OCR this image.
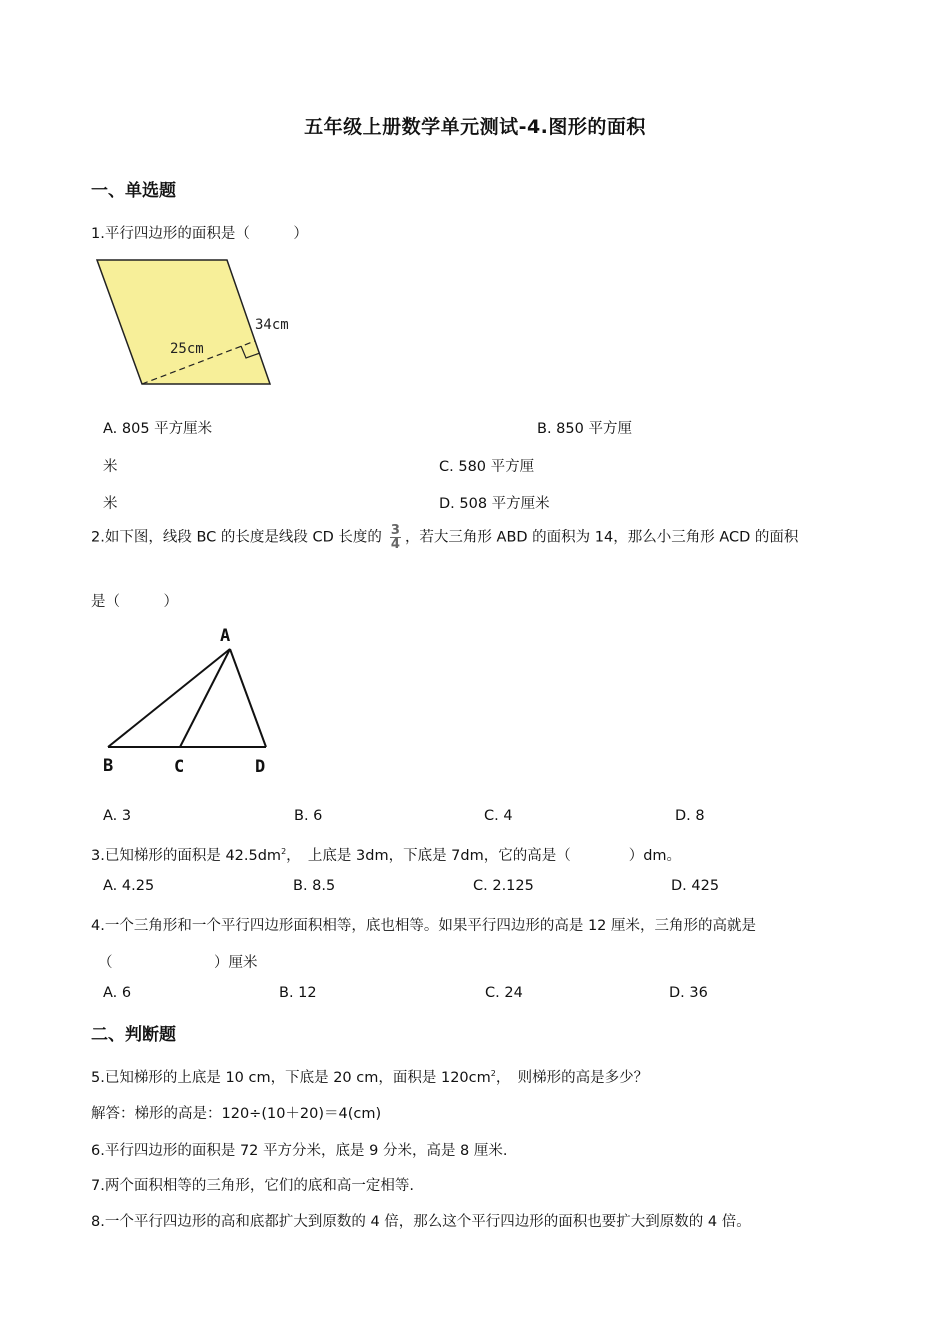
五年级上册数学单元测试-4.图形的面积
一、单选题
1.平行四边形的面积是（　　　）
34cm
25cm
A. 805 平方厘米	B. 850 平方厘
米	C. 580 平方厘
米	D. 508 平方厘米
2.如下图，线段 BC 的长度是线段 CD 长度的 $\frac{3}{4}$ ，若大三角形 ABD 的面积为 14，那么小三角形 ACD 的面积
是（　　　）
A
B	C	D
A. 3	B. 6	C. 4	D. 8
3.已知梯形的面积是 $42.5dm^2$，　上底是 3dm，下底是 7dm，它的高是（　　　　）dm。
A. 4.25	B. 8.5	C. 2.125	D. 425
4.一个三角形和一个平行四边形面积相等，底也相等。如果平行四边形的高是 12 厘米，三角形的高就是
（　　　　　　　）厘米
A. 6	B. 12	C. 24	D. 36
二、判断题
5.已知梯形的上底是 10 cm，下底是 20 cm，面积是 $120cm^2$，　则梯形的高是多少？
解答：梯形的高是：120÷(10＋20)＝4(cm)
6.平行四边形的面积是 72 平方分米，底是 9 分米，高是 8 厘米.
7.两个面积相等的三角形，它们的底和高一定相等.
8.一个平行四边形的高和底都扩大到原数的 4 倍，那么这个平行四边形的面积也要扩大到原数的 4 倍。
